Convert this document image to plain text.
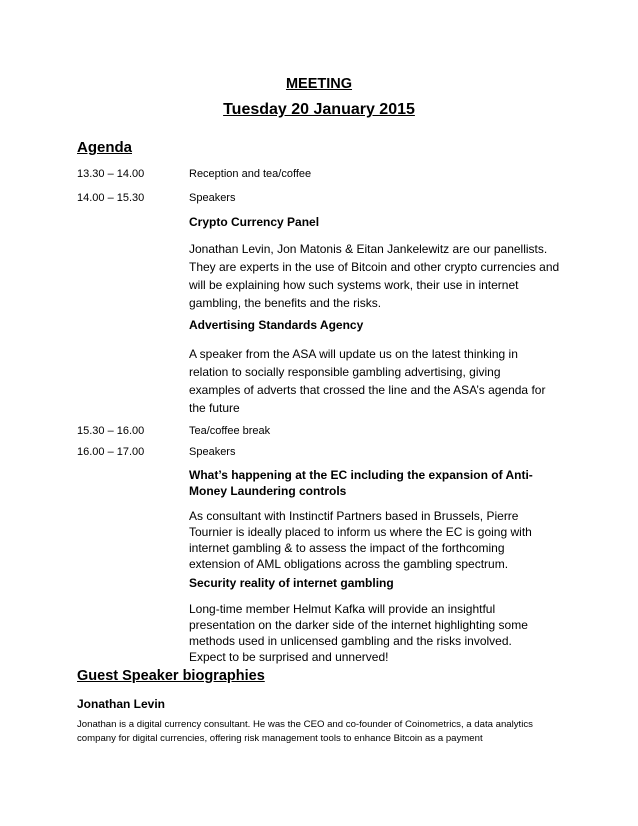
MEETING
Tuesday 20 January 2015
Agenda
13.30 – 14.00	Reception and tea/coffee
14.00 – 15.30	Speakers
Crypto Currency Panel
Jonathan Levin, Jon Matonis & Eitan Jankelewitz are our panellists. They are experts in the use of Bitcoin and other crypto currencies and will be explaining how such systems work, their use in internet gambling, the benefits and the risks.
Advertising Standards Agency
A speaker from the ASA will update us on the latest thinking in relation to socially responsible gambling advertising, giving examples of adverts that crossed the line and the ASA’s agenda for the future
15.30 – 16.00	Tea/coffee break
16.00 – 17.00	Speakers
What’s happening at the EC including the expansion of Anti-
Money Laundering controls
As consultant with Instinctif Partners based in Brussels, Pierre Tournier is ideally placed to inform us where the EC is going with internet gambling & to assess the impact of the forthcoming extension of AML obligations across the gambling spectrum.
Security reality of internet gambling
Long-time member Helmut Kafka will provide an insightful presentation on the darker side of the internet highlighting some methods used in unlicensed gambling and the risks involved. Expect to be surprised and unnerved!
Guest Speaker biographies
Jonathan Levin
Jonathan is a digital currency consultant. He was the CEO and co-founder of Coinometrics, a data analytics company for digital currencies, offering risk management tools to enhance Bitcoin as a payment
